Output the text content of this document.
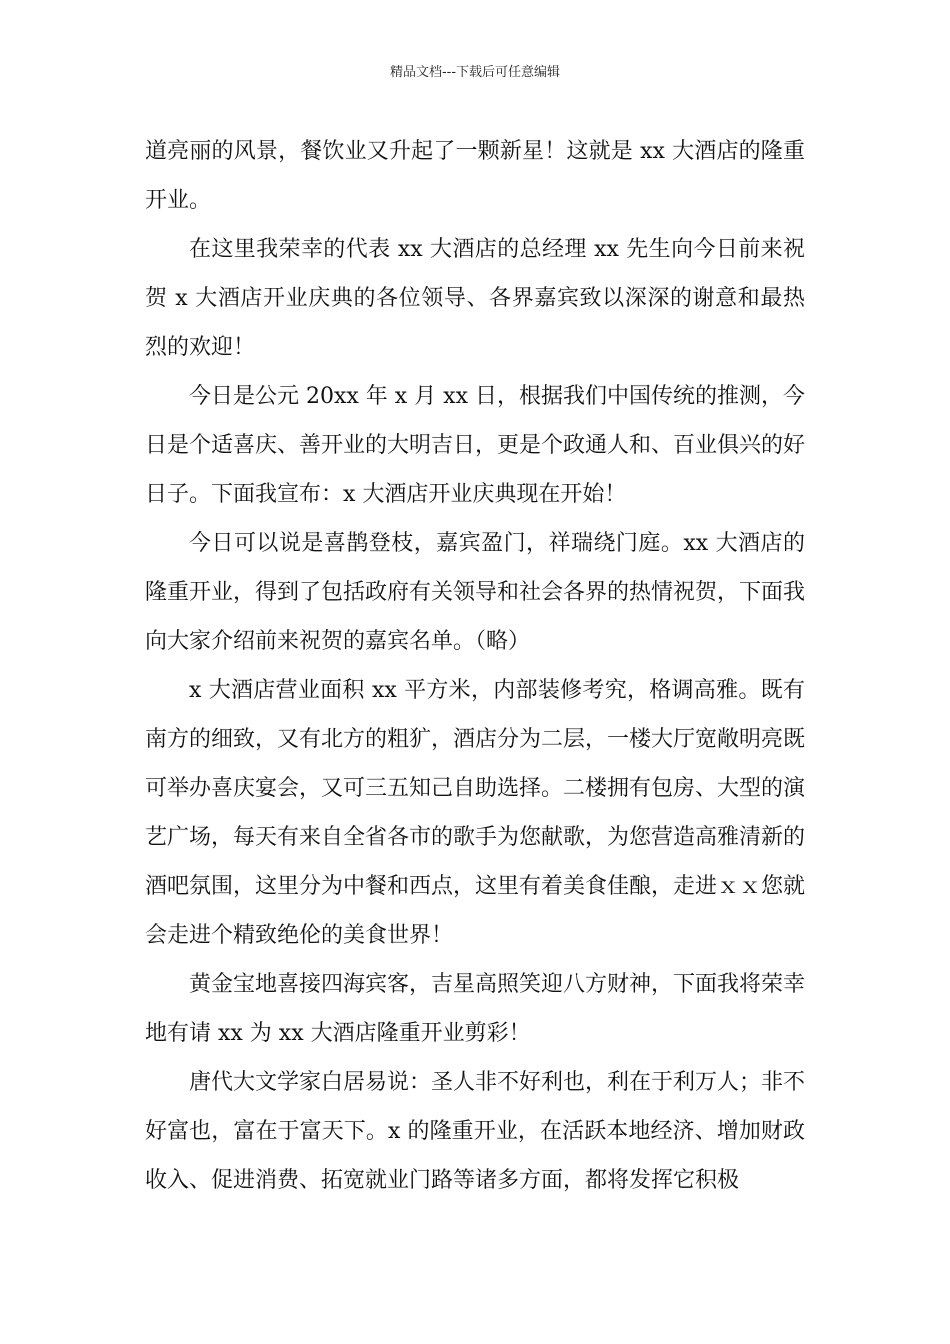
精品文档---下载后可任意编辑

道亮丽的风景，餐饮业又升起了一颗新星！这就是 xx 大酒店的隆重开业。

在这里我荣幸的代表 xx 大酒店的总经理 xx 先生向今日前来祝贺 x 大酒店开业庆典的各位领导、各界嘉宾致以深深的谢意和最热烈的欢迎！

今日是公元 20xx 年 x 月 xx 日，根据我们中国传统的推测，今日是个适喜庆、善开业的大明吉日，更是个政通人和、百业俱兴的好日子。下面我宣布：x 大酒店开业庆典现在开始！

今日可以说是喜鹊登枝，嘉宾盈门，祥瑞绕门庭。xx 大酒店的隆重开业，得到了包括政府有关领导和社会各界的热情祝贺，下面我向大家介绍前来祝贺的嘉宾名单。（略）

x 大酒店营业面积 xx 平方米，内部装修考究，格调高雅。既有南方的细致，又有北方的粗犷，酒店分为二层，一楼大厅宽敞明亮既可举办喜庆宴会，又可三五知己自助选择。二楼拥有包房、大型的演艺广场，每天有来自全省各市的歌手为您献歌，为您营造高雅清新的酒吧氛围，这里分为中餐和西点，这里有着美食佳酿，走进ｘｘ您就会走进个精致绝伦的美食世界！

黄金宝地喜接四海宾客，吉星高照笑迎八方财神，下面我将荣幸地有请 xx 为 xx 大酒店隆重开业剪彩！

唐代大文学家白居易说：圣人非不好利也，利在于利万人；非不好富也，富在于富天下。x 的隆重开业，在活跃本地经济、增加财政收入、促进消费、拓宽就业门路等诸多方面，都将发挥它积极
